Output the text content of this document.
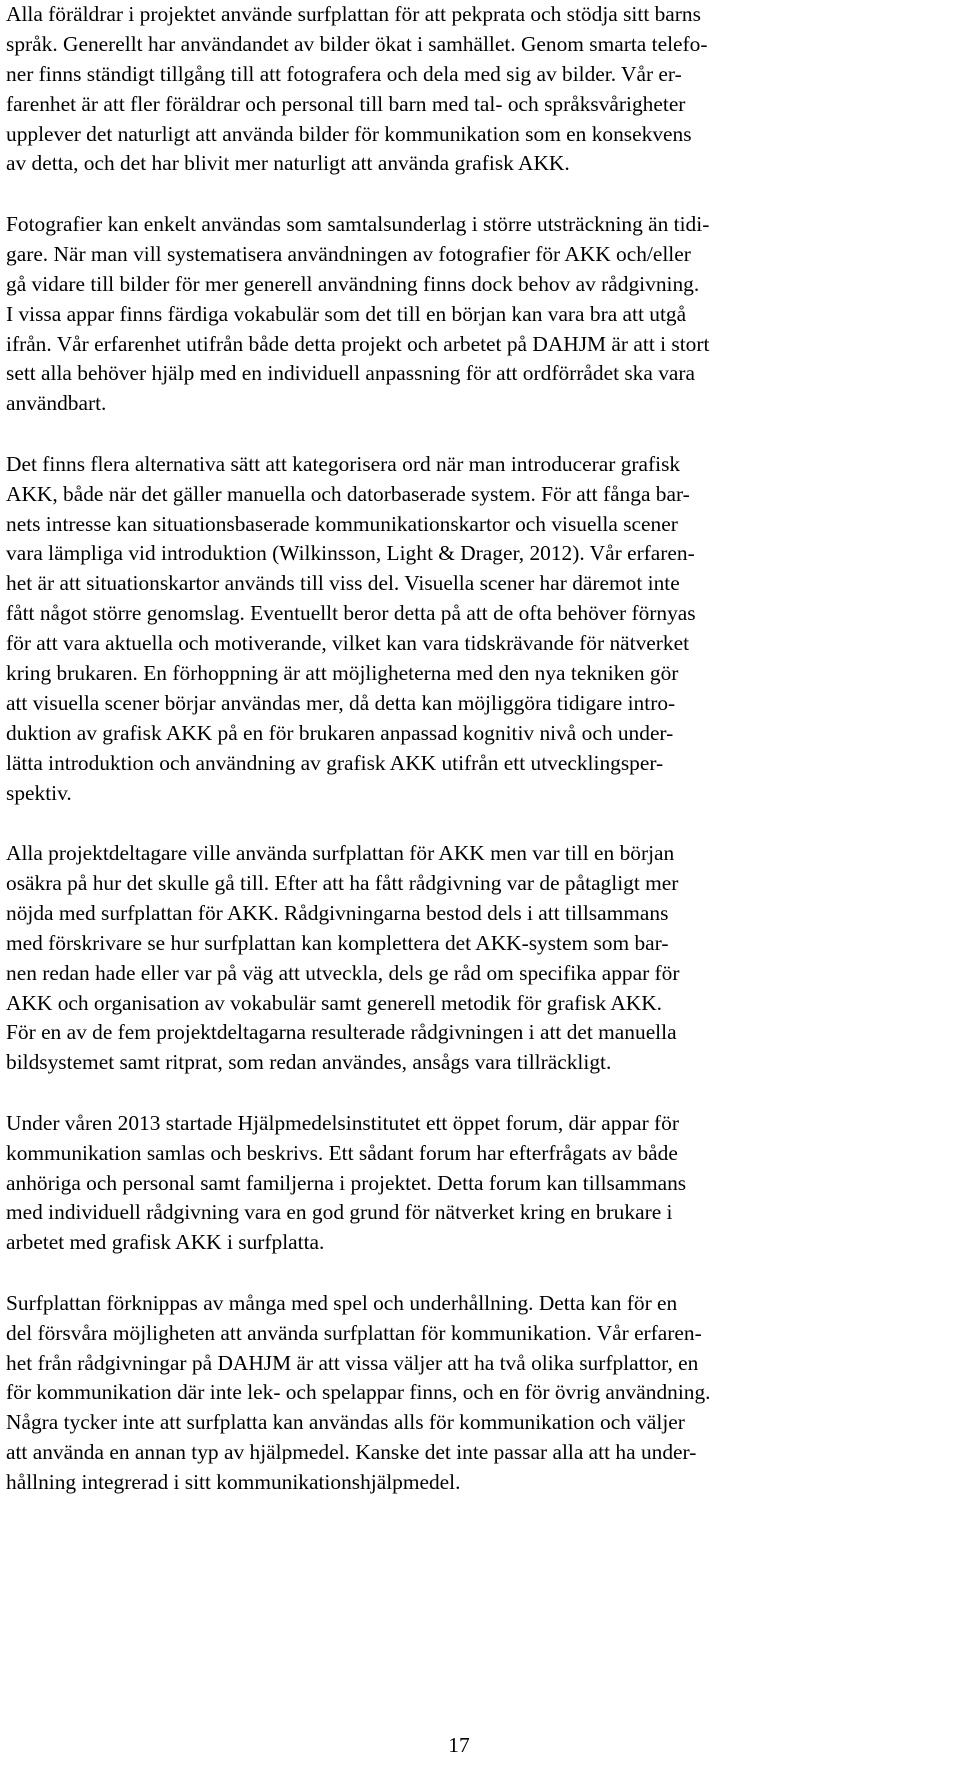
Alla föräldrar i projektet använde surfplattan för att pekprata och stödja sitt barns
språk. Generellt har användandet av bilder ökat i samhället. Genom smarta telefo-
ner finns ständigt tillgång till att fotografera och dela med sig av bilder. Vår er-
farenhet är att fler föräldrar och personal till barn med tal- och språksvårigheter
upplever det naturligt att använda bilder för kommunikation som en konsekvens
av detta, och det har blivit mer naturligt att använda grafisk AKK.
Fotografier kan enkelt användas som samtalsunderlag i större utsträckning än tidi-
gare. När man vill systematisera användningen av fotografier för AKK och/eller
gå vidare till bilder för mer generell användning finns dock behov av rådgivning.
I vissa appar finns färdiga vokabulär som det till en början kan vara bra att utgå
ifrån. Vår erfarenhet utifrån både detta projekt och arbetet på DAHJM är att i stort
sett alla behöver hjälp med en individuell anpassning för att ordförrådet ska vara
användbart.
Det finns flera alternativa sätt att kategorisera ord när man introducerar grafisk
AKK, både när det gäller manuella och datorbaserade system. För att fånga bar-
nets intresse kan situationsbaserade kommunikationskartor och visuella scener
vara lämpliga vid introduktion (Wilkinsson, Light & Drager, 2012). Vår erfaren-
het är att situationskartor används till viss del. Visuella scener har däremot inte
fått något större genomslag. Eventuellt beror detta på att de ofta behöver förnyas
för att vara aktuella och motiverande, vilket kan vara tidskrävande för nätverket
kring brukaren. En förhoppning är att möjligheterna med den nya tekniken gör
att visuella scener börjar användas mer, då detta kan möjliggöra tidigare intro-
duktion av grafisk AKK på en för brukaren anpassad kognitiv nivå och under-
lätta introduktion och användning av grafisk AKK utifrån ett utvecklingsper-
spektiv.
Alla projektdeltagare ville använda surfplattan för AKK men var till en början
osäkra på hur det skulle gå till. Efter att ha fått rådgivning var de påtagligt mer
nöjda med surfplattan för AKK. Rådgivningarna bestod dels i att tillsammans
med förskrivare se hur surfplattan kan komplettera det AKK-system som bar-
nen redan hade eller var på väg att utveckla, dels ge råd om specifika appar för
AKK och organisation av vokabulär samt generell metodik för grafisk AKK.
För en av de fem projektdeltagarna resulterade rådgivningen i att det manuella
bildsystemet samt ritprat, som redan användes, ansågs vara tillräckligt.
Under våren 2013 startade Hjälpmedelsinstitutet ett öppet forum, där appar för
kommunikation samlas och beskrivs. Ett sådant forum har efterfrågats av både
anhöriga och personal samt familjerna i projektet. Detta forum kan tillsammans
med individuell rådgivning vara en god grund för nätverket kring en brukare i
arbetet med grafisk AKK i surfplatta.
Surfplattan förknippas av många med spel och underhållning. Detta kan för en
del försvåra möjligheten att använda surfplattan för kommunikation. Vår erfaren-
het från rådgivningar på DAHJM är att vissa väljer att ha två olika surfplattor, en
för kommunikation där inte lek- och spelappar finns, och en för övrig användning.
Några tycker inte att surfplatta kan användas alls för kommunikation och väljer
att använda en annan typ av hjälpmedel. Kanske det inte passar alla att ha under-
hållning integrerad i sitt kommunikationshjälpmedel.
17
